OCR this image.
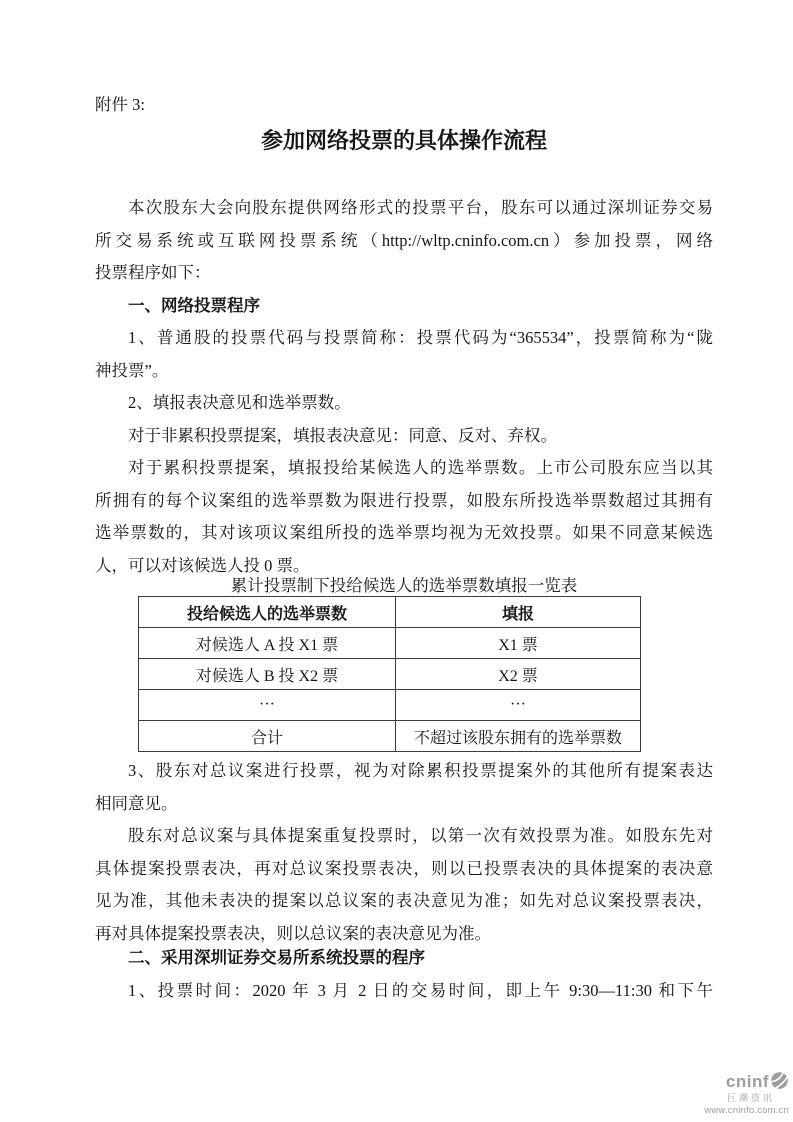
附件 3:
参加网络投票的具体操作流程
本次股东大会向股东提供网络形式的投票平台，股东可以通过深圳证券交易
所交易系统或互联网投票系统（http://wltp.cninfo.com.cn）参加投票，网络
投票程序如下：
一、网络投票程序
1、普通股的投票代码与投票简称：投票代码为“365534”，投票简称为“陇
神投票”。
2、填报表决意见和选举票数。
对于非累积投票提案，填报表决意见：同意、反对、弃权。
对于累积投票提案，填报投给某候选人的选举票数。上市公司股东应当以其
所拥有的每个议案组的选举票数为限进行投票，如股东所投选举票数超过其拥有
选举票数的，其对该项议案组所投的选举票均视为无效投票。如果不同意某候选
人，可以对该候选人投 0 票。
累计投票制下投给候选人的选举票数填报一览表
投给候选人的选举票数	填报
对候选人 A 投 X1 票	X1 票
对候选人 B 投 X2 票	X2 票
···	···
合计	不超过该股东拥有的选举票数
3、股东对总议案进行投票，视为对除累积投票提案外的其他所有提案表达
相同意见。
股东对总议案与具体提案重复投票时，以第一次有效投票为准。如股东先对
具体提案投票表决，再对总议案投票表决，则以已投票表决的具体提案的表决意
见为准，其他未表决的提案以总议案的表决意见为准；如先对总议案投票表决，
再对具体提案投票表决，则以总议案的表决意见为准。
二、采用深圳证券交易所系统投票的程序
1、投票时间：2020 年 3 月 2 日的交易时间，即上午 9:30—11:30 和下午
cninf
巨潮资讯
www.cninfo.com.cn
